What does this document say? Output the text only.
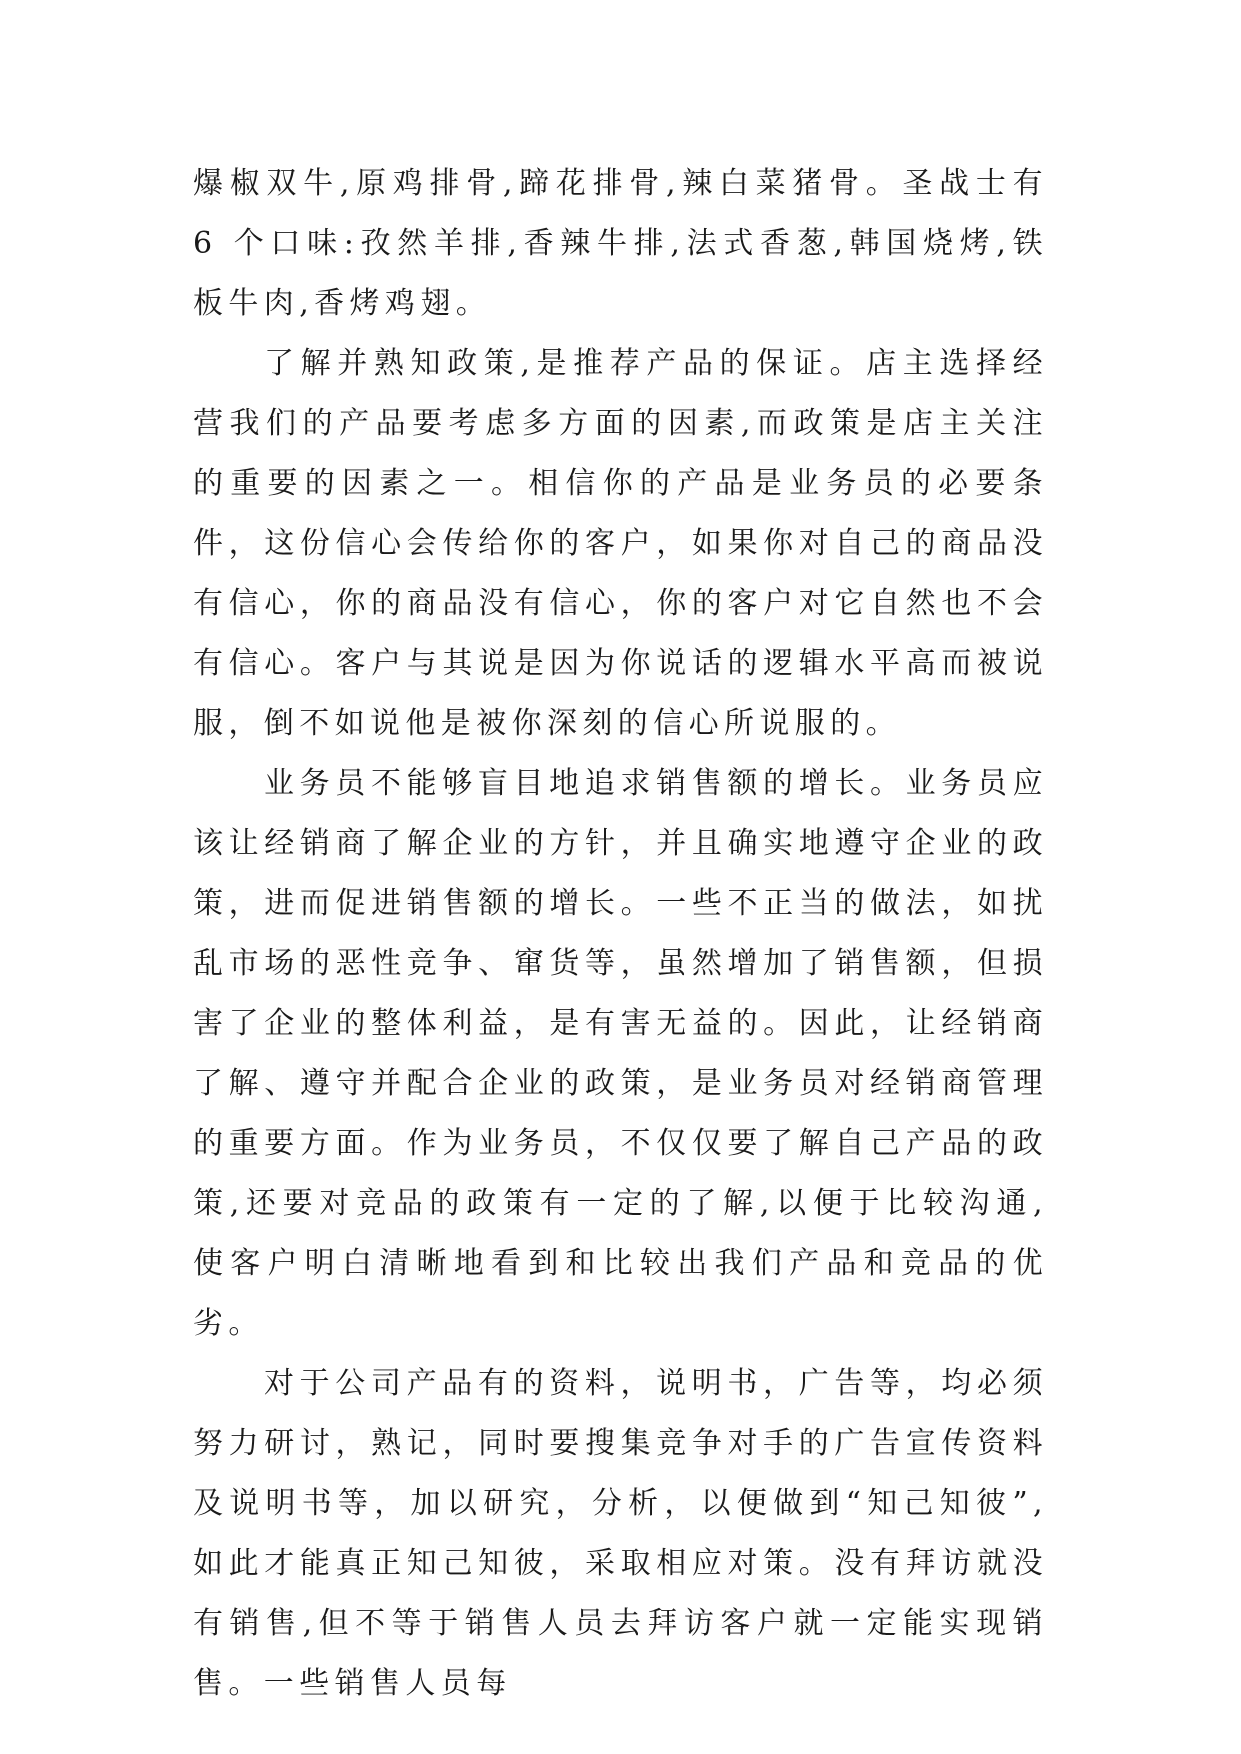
爆椒双牛,原鸡排骨,蹄花排骨,辣白菜猪骨。圣战士有 6 个口味:孜然羊排,香辣牛排,法式香葱,韩国烧烤,铁板牛肉,香烤鸡翅。

了解并熟知政策,是推荐产品的保证。店主选择经营我们的产品要考虑多方面的因素,而政策是店主关注的重要的因素之一。相信你的产品是业务员的必要条件，这份信心会传给你的客户，如果你对自己的商品没有信心，你的商品没有信心，你的客户对它自然也不会有信心。客户与其说是因为你说话的逻辑水平高而被说服，倒不如说他是被你深刻的信心所说服的。

业务员不能够盲目地追求销售额的增长。业务员应该让经销商了解企业的方针，并且确实地遵守企业的政策，进而促进销售额的增长。一些不正当的做法，如扰乱市场的恶性竞争、窜货等，虽然增加了销售额，但损害了企业的整体利益，是有害无益的。因此，让经销商了解、遵守并配合企业的政策，是业务员对经销商管理的重要方面。作为业务员，不仅仅要了解自己产品的政策,还要对竞品的政策有一定的了解,以便于比较沟通,使客户明白清晰地看到和比较出我们产品和竞品的优劣。

对于公司产品有的资料，说明书，广告等，均必须努力研讨，熟记，同时要搜集竞争对手的广告宣传资料及说明书等，加以研究，分析，以便做到“知己知彼”,如此才能真正知己知彼，采取相应对策。没有拜访就没有销售,但不等于销售人员去拜访客户就一定能实现销售。一些销售人员每
